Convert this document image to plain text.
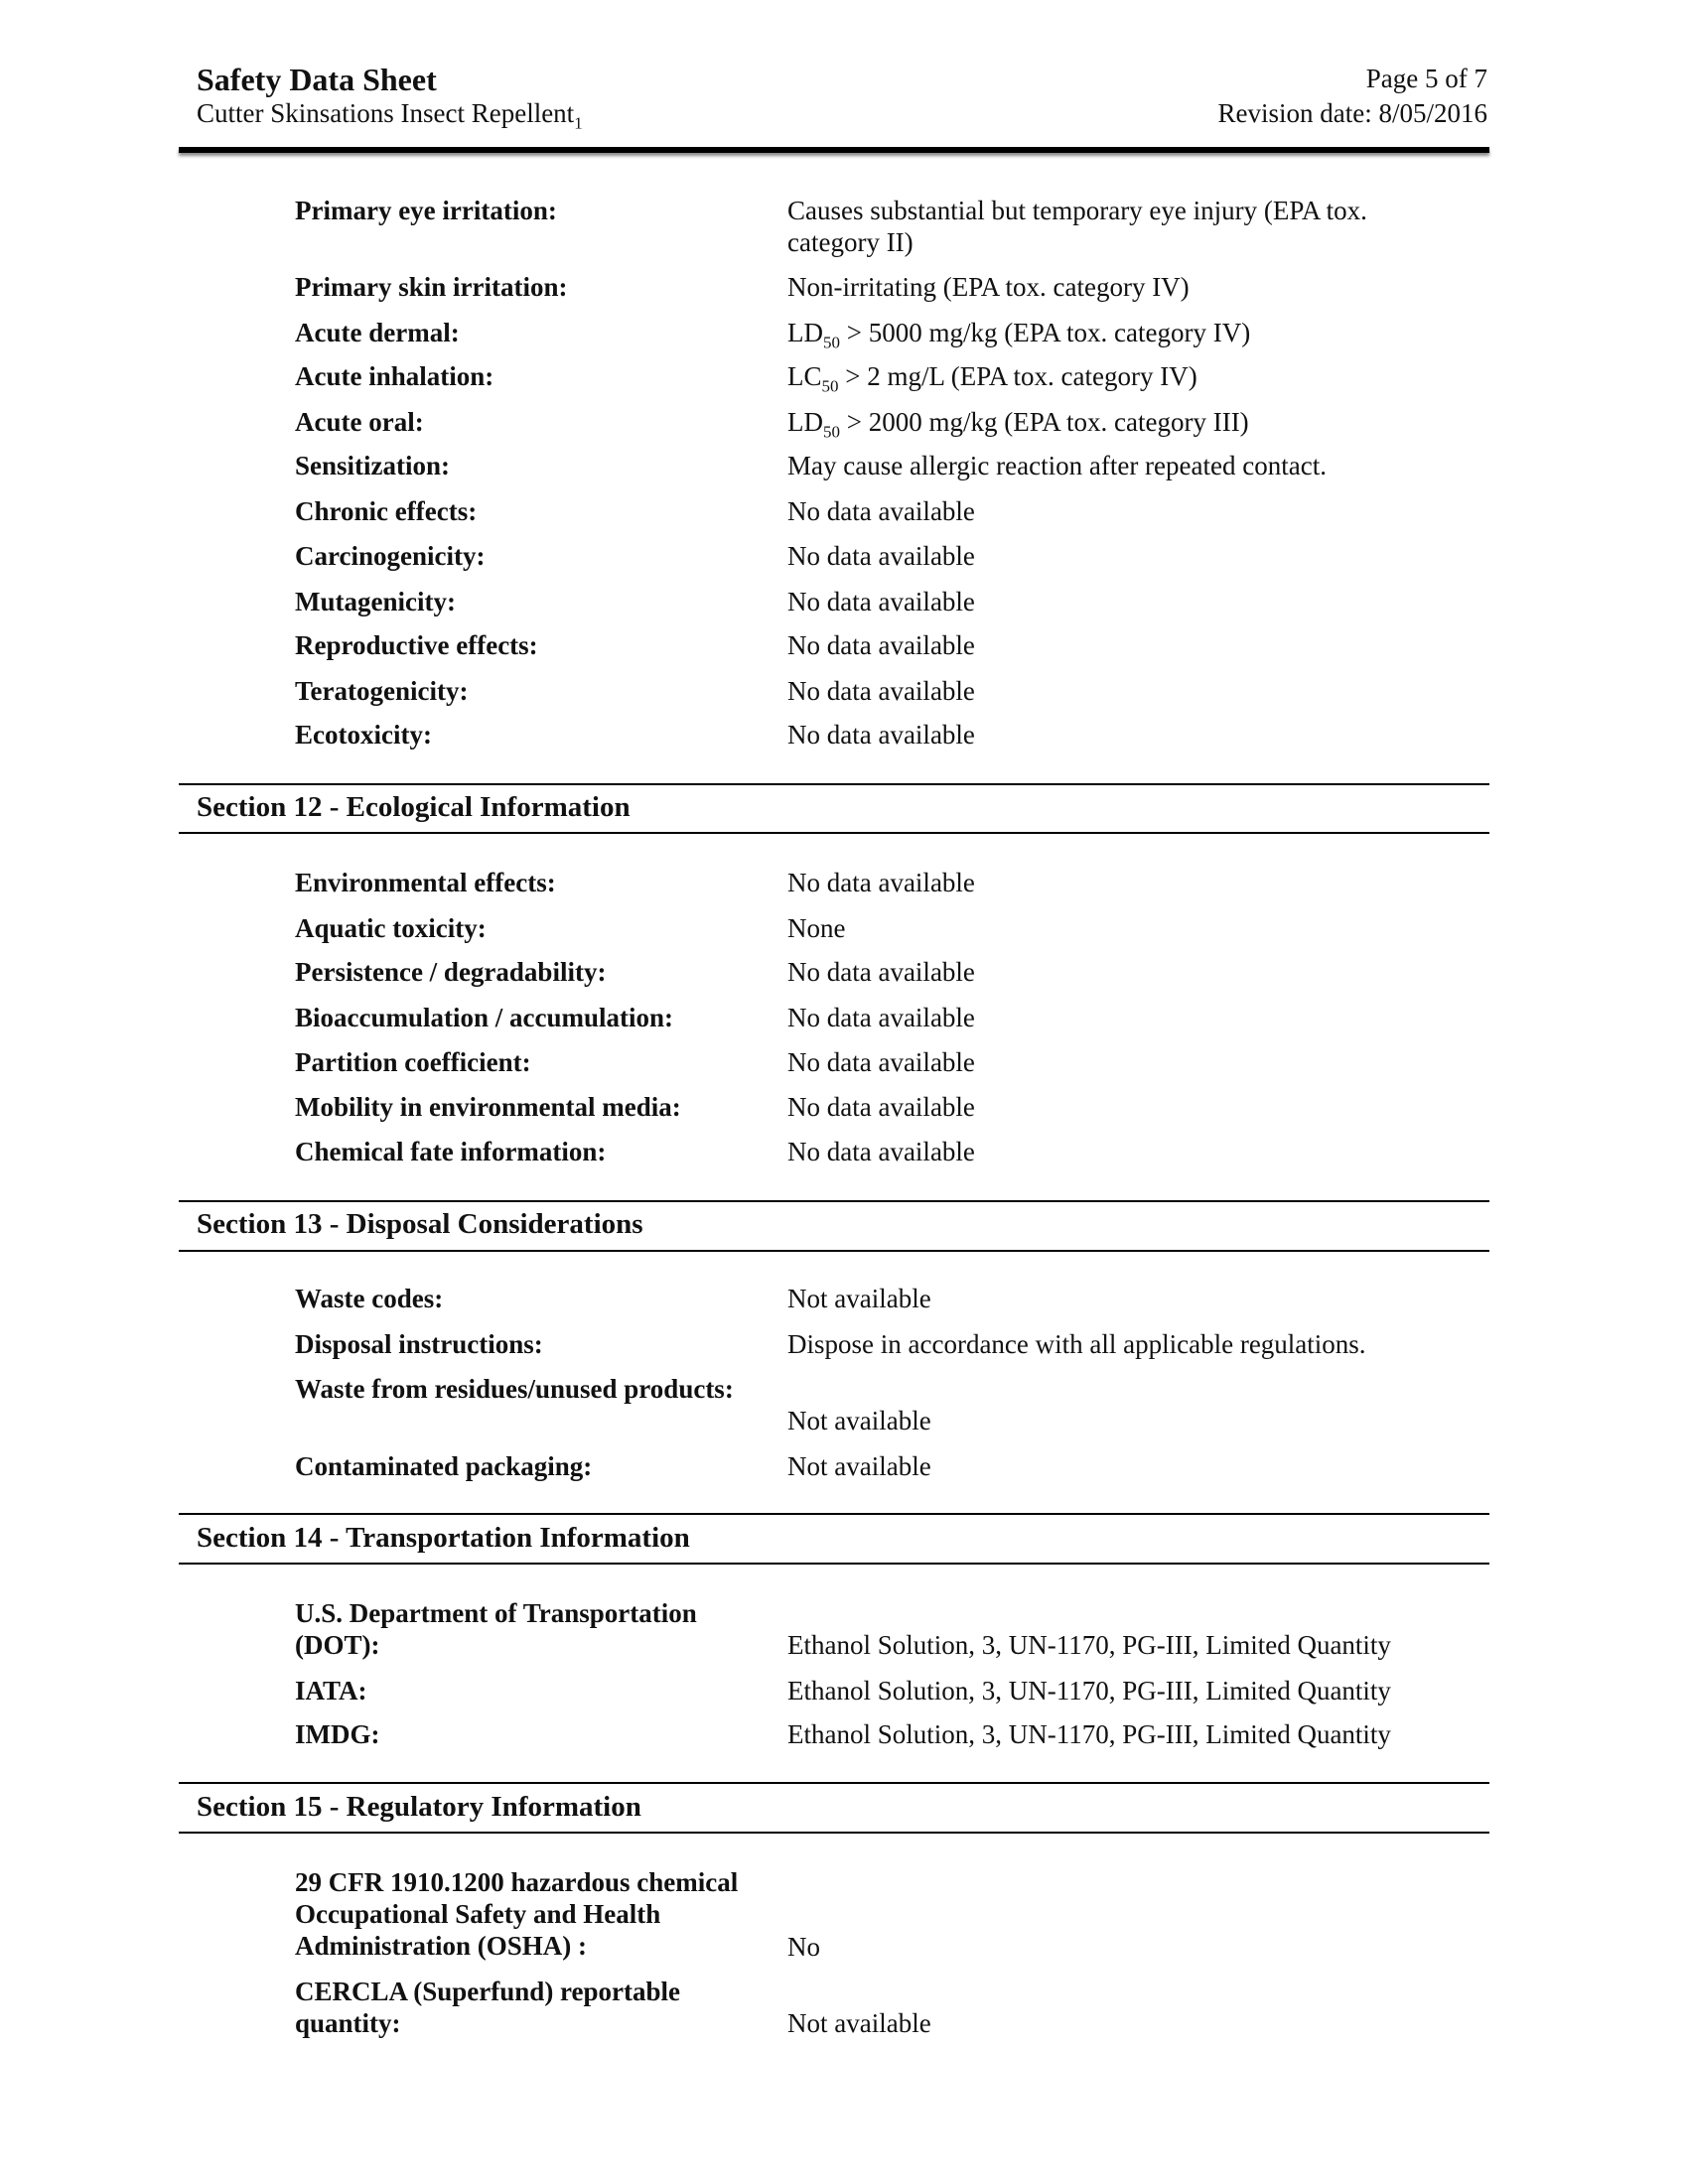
Safety Data Sheet
Cutter Skinsations Insect Repellent$_1$
Page 5 of 7
Revision date: 8/05/2016
Primary eye irritation:	Causes substantial but temporary eye injury (EPA tox. category II)
Primary skin irritation:	Non-irritating (EPA tox. category IV)
Acute dermal:	$LD_{50} > 5000$ mg/kg (EPA tox. category IV)
Acute inhalation:	$LC_{50} > 2$ mg/L (EPA tox. category IV)
Acute oral:	$LD_{50} > 2000$ mg/kg (EPA tox. category III)
Sensitization:	May cause allergic reaction after repeated contact.
Chronic effects:	No data available
Carcinogenicity:	No data available
Mutagenicity:	No data available
Reproductive effects:	No data available
Teratogenicity:	No data available
Ecotoxicity:	No data available
Section 12 - Ecological Information
Environmental effects:	No data available
Aquatic toxicity:	None
Persistence / degradability:	No data available
Bioaccumulation / accumulation:	No data available
Partition coefficient:	No data available
Mobility in environmental media:	No data available
Chemical fate information:	No data available
Section 13 - Disposal Considerations
Waste codes:	Not available
Disposal instructions:	Dispose in accordance with all applicable regulations.
Waste from residues/unused products:
Not available
Contaminated packaging:	Not available
Section 14 - Transportation Information
U.S. Department of Transportation (DOT):	Ethanol Solution, 3, UN-1170, PG-III, Limited Quantity
IATA:	Ethanol Solution, 3, UN-1170, PG-III, Limited Quantity
IMDG:	Ethanol Solution, 3, UN-1170, PG-III, Limited Quantity
Section 15 - Regulatory Information
29 CFR 1910.1200 hazardous chemical Occupational Safety and Health Administration (OSHA) :	No
CERCLA (Superfund) reportable quantity:	Not available
